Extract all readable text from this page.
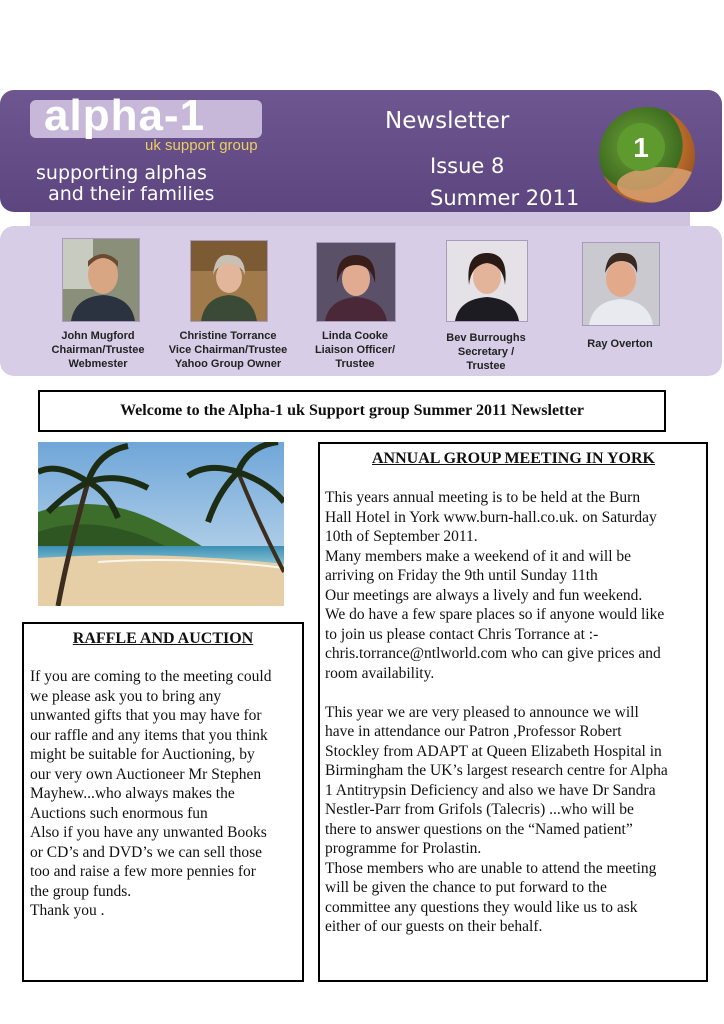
alpha-1
uk support group
supporting alphas
and their families
Newsletter
Issue 8
Summer 2011
1
John Mugford
Chairman/Trustee
Webmester
Christine Torrance
Vice Chairman/Trustee
Yahoo Group Owner
Linda Cooke
Liaison Officer/
Trustee
Bev Burroughs
Secretary /
Trustee
Ray Overton
Welcome to the Alpha-1 uk Support group Summer 2011 Newsletter
RAFFLE AND AUCTION

If you are coming to the meeting could
we please ask you to bring any
unwanted gifts that you may have for
our raffle and any items that you think
might be suitable for Auctioning, by
our very own Auctioneer Mr Stephen
Mayhew...who always makes the
Auctions such enormous fun
Also if you have any unwanted Books
or CD’s and DVD’s we can sell those
too and raise a few more pennies for
the group funds.
Thank you .

ANNUAL GROUP MEETING IN YORK

This years annual meeting is to be held at the Burn
Hall Hotel in York www.burn-hall.co.uk. on Saturday
10th of September 2011.
Many members make a weekend of it and will be
arriving on Friday the 9th until Sunday 11th
Our meetings are always a lively and fun weekend.
We do have a few spare places so if anyone would like
to join us please contact Chris Torrance at :-
chris.torrance@ntlworld.com who can give prices and
room availability.
This year we are very pleased to announce we will
have in attendance our Patron ,Professor Robert
Stockley from ADAPT at Queen Elizabeth Hospital in
Birmingham the UK’s largest research centre for Alpha
1 Antitrypsin Deficiency and also we have Dr Sandra
Nestler-Parr from Grifols (Talecris) ...who will be
there to answer questions on the “Named patient”
programme for Prolastin.
Those members who are unable to attend the meeting
will be given the chance to put forward to the
committee any questions they would like us to ask
either of our guests on their behalf.
